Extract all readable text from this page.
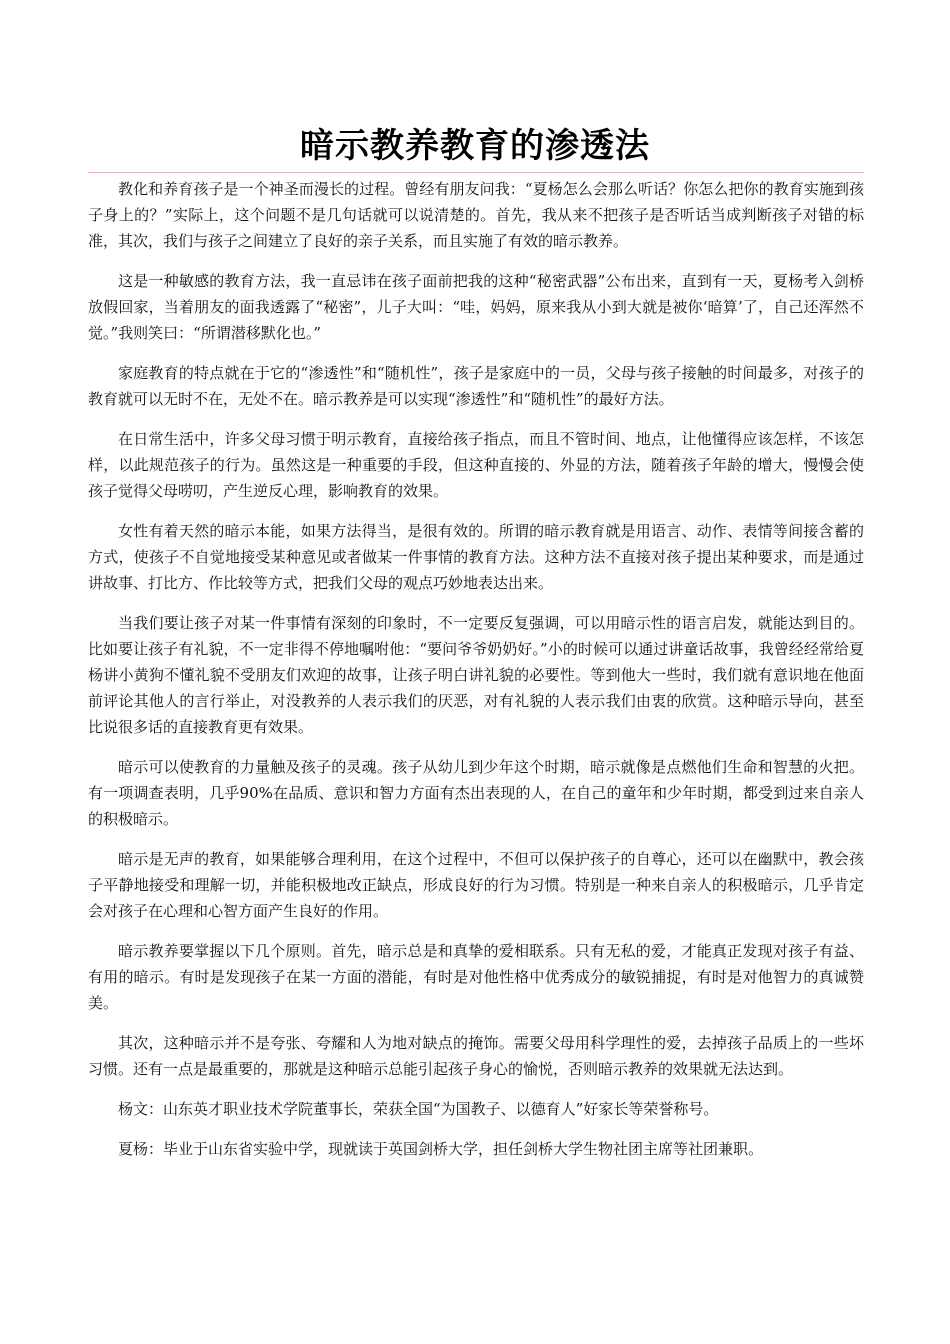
暗示教养教育的渗透法

教化和养育孩子是一个神圣而漫长的过程。曾经有朋友问我：“夏杨怎么会那么听话？你怎么把你的教育实施到孩子身上的？”实际上，这个问题不是几句话就可以说清楚的。首先，我从来不把孩子是否听话当成判断孩子对错的标准，其次，我们与孩子之间建立了良好的亲子关系，而且实施了有效的暗示教养。

这是一种敏感的教育方法，我一直忌讳在孩子面前把我的这种“秘密武器”公布出来，直到有一天，夏杨考入剑桥放假回家，当着朋友的面我透露了“秘密”，儿子大叫：“哇，妈妈，原来我从小到大就是被你‘暗算’了，自己还浑然不觉。”我则笑曰：“所谓潜移默化也。”

家庭教育的特点就在于它的“渗透性”和“随机性”，孩子是家庭中的一员，父母与孩子接触的时间最多，对孩子的教育就可以无时不在，无处不在。暗示教养是可以实现“渗透性”和“随机性”的最好方法。

在日常生活中，许多父母习惯于明示教育，直接给孩子指点，而且不管时间、地点，让他懂得应该怎样，不该怎样，以此规范孩子的行为。虽然这是一种重要的手段，但这种直接的、外显的方法，随着孩子年龄的增大，慢慢会使孩子觉得父母唠叨，产生逆反心理，影响教育的效果。

女性有着天然的暗示本能，如果方法得当，是很有效的。所谓的暗示教育就是用语言、动作、表情等间接含蓄的方式，使孩子不自觉地接受某种意见或者做某一件事情的教育方法。这种方法不直接对孩子提出某种要求，而是通过讲故事、打比方、作比较等方式，把我们父母的观点巧妙地表达出来。

当我们要让孩子对某一件事情有深刻的印象时，不一定要反复强调，可以用暗示性的语言启发，就能达到目的。比如要让孩子有礼貌，不一定非得不停地嘱咐他：“要问爷爷奶奶好。”小的时候可以通过讲童话故事，我曾经经常给夏杨讲小黄狗不懂礼貌不受朋友们欢迎的故事，让孩子明白讲礼貌的必要性。等到他大一些时，我们就有意识地在他面前评论其他人的言行举止，对没教养的人表示我们的厌恶，对有礼貌的人表示我们由衷的欣赏。这种暗示导向，甚至比说很多话的直接教育更有效果。

暗示可以使教育的力量触及孩子的灵魂。孩子从幼儿到少年这个时期，暗示就像是点燃他们生命和智慧的火把。有一项调查表明，几乎90%在品质、意识和智力方面有杰出表现的人，在自己的童年和少年时期，都受到过来自亲人的积极暗示。

暗示是无声的教育，如果能够合理利用，在这个过程中，不但可以保护孩子的自尊心，还可以在幽默中，教会孩子平静地接受和理解一切，并能积极地改正缺点，形成良好的行为习惯。特别是一种来自亲人的积极暗示，几乎肯定会对孩子在心理和心智方面产生良好的作用。

暗示教养要掌握以下几个原则。首先，暗示总是和真挚的爱相联系。只有无私的爱，才能真正发现对孩子有益、有用的暗示。有时是发现孩子在某一方面的潜能，有时是对他性格中优秀成分的敏锐捕捉，有时是对他智力的真诚赞美。

其次，这种暗示并不是夸张、夸耀和人为地对缺点的掩饰。需要父母用科学理性的爱，去掉孩子品质上的一些坏习惯。还有一点是最重要的，那就是这种暗示总能引起孩子身心的愉悦，否则暗示教养的效果就无法达到。

杨文：山东英才职业技术学院董事长，荣获全国“为国教子、以德育人”好家长等荣誉称号。

夏杨：毕业于山东省实验中学，现就读于英国剑桥大学，担任剑桥大学生物社团主席等社团兼职。
